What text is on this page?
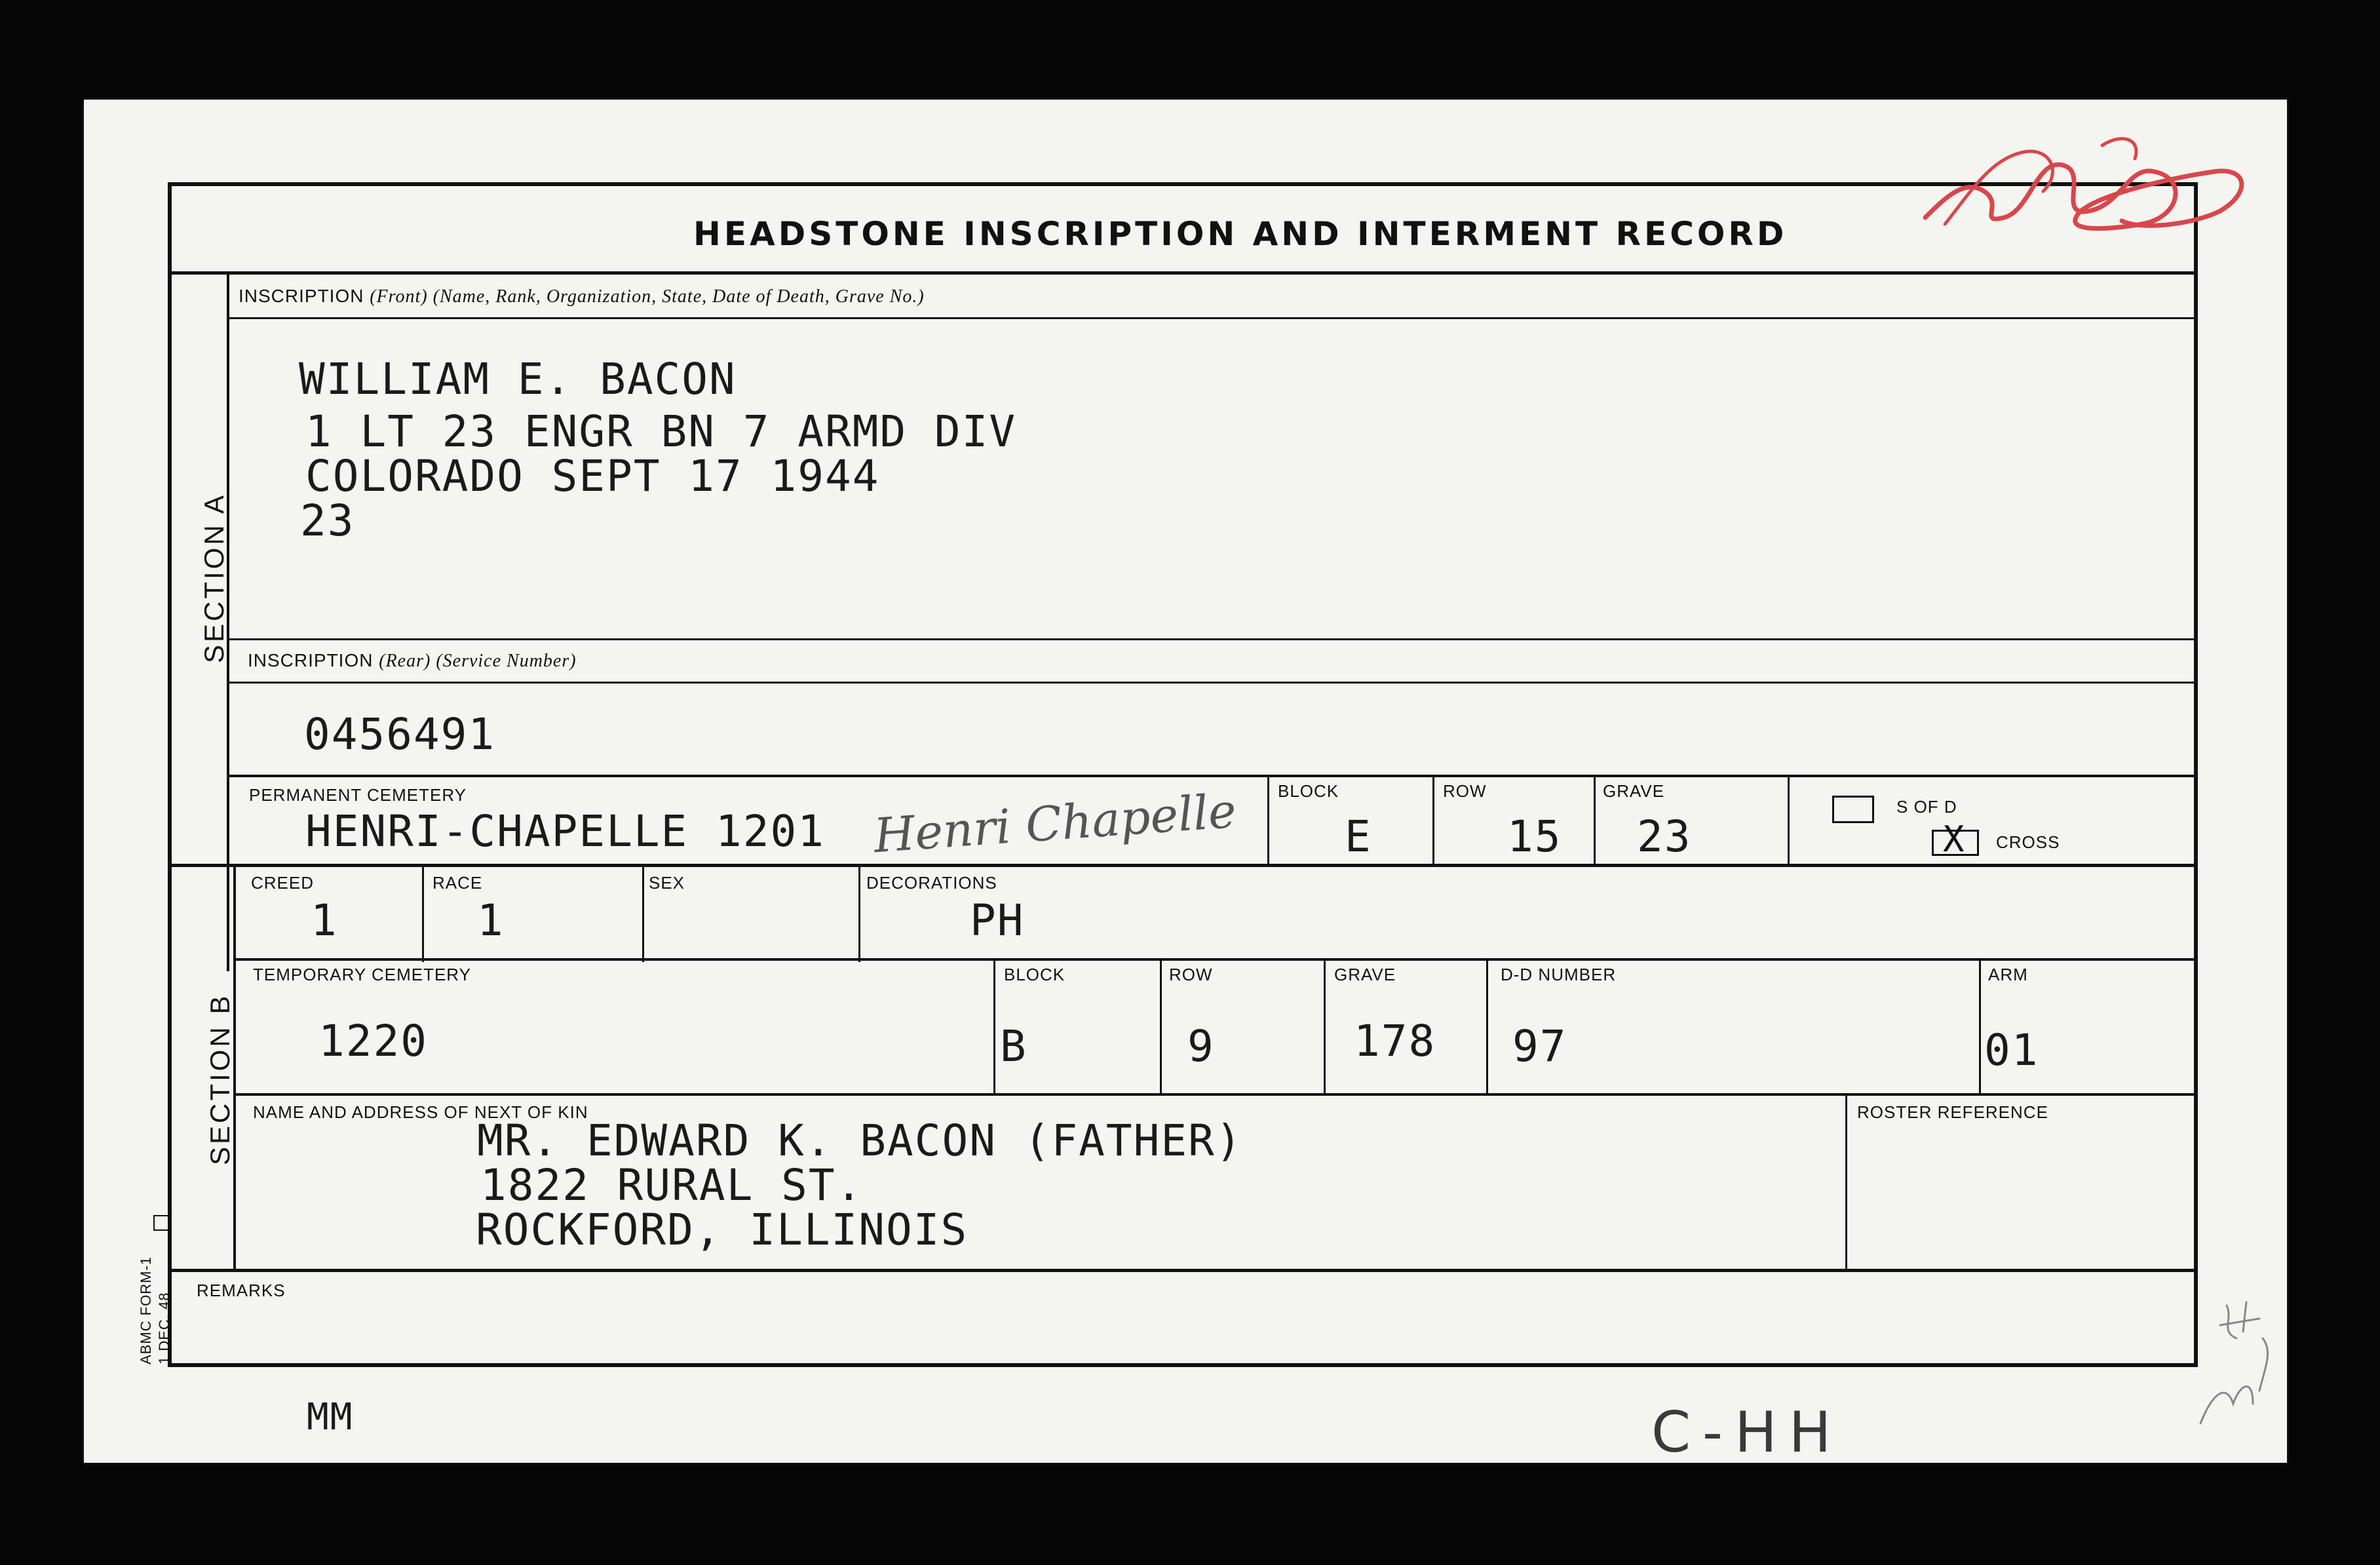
HEADSTONE INSCRIPTION AND INTERMENT RECORD
SECTION A
INSCRIPTION (Front) (Name, Rank, Organization, State, Date of Death, Grave No.)
WILLIAM E. BACON
1 LT 23 ENGR BN 7 ARMD DIV
COLORADO SEPT 17 1944
23
INSCRIPTION (Rear) (Service Number)
0456491
PERMANENT CEMETERY
HENRI-CHAPELLE 1201 Henri Chapelle BLOCK
E
ROW
15
GRAVE
23
S OF D
X CROSS
SECTION B
CREED
1
RACE
1
SEX	DECORATIONS
PH
TEMPORARY CEMETERY
1220
BLOCK
B
ROW
9
GRAVE
178
D-D NUMBER
97
ARM
01
NAME AND ADDRESS OF NEXT OF KIN
MR. EDWARD K. BACON (FATHER)
1822 RURAL ST.
ROCKFORD, ILLINOIS
ROSTER REFERENCE
REMARKS
ABMC FORM-1 1 DEC. 48
MM	C-HH
